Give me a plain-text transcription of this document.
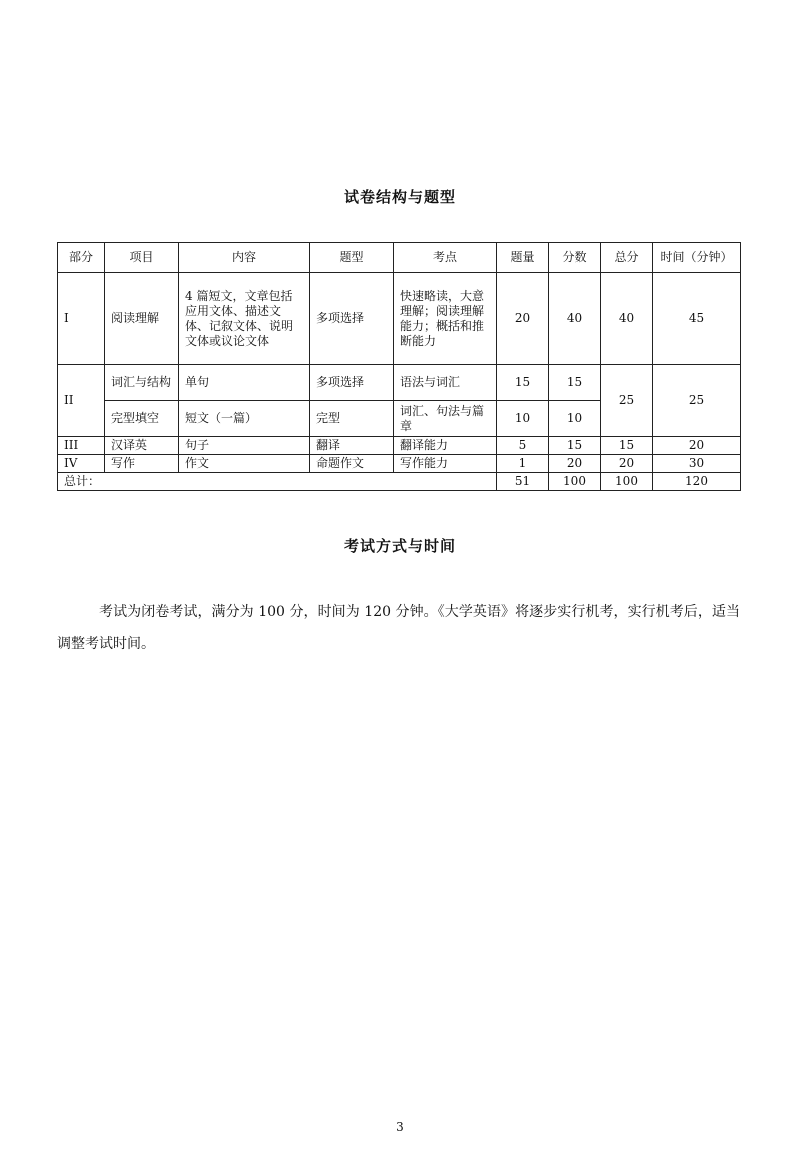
试卷结构与题型
部分	项目	内容	题型	考点	题量	分数	总分	时间（分钟）
I	阅读理解	4 篇短文，文章包括应用文体、描述文体、记叙文体、说明文体或议论文体	多项选择	快速略读，大意理解；阅读理解能力；概括和推断能力	20	40	40	45
II	词汇与结构	单句	多项选择	语法与词汇	15	15	25	25
	完型填空	短文（一篇）	完型	词汇、句法与篇章	10	10		
III	汉译英	句子	翻译	翻译能力	5	15	15	20
IV	写作	作文	命题作文	写作能力	1	20	20	30
总计：					51	100	100	120
考试方式与时间
考试为闭卷考试，满分为 100 分，时间为 120 分钟。《大学英语》将逐步实行机考，实行机考后，适当调整考试时间。
3
